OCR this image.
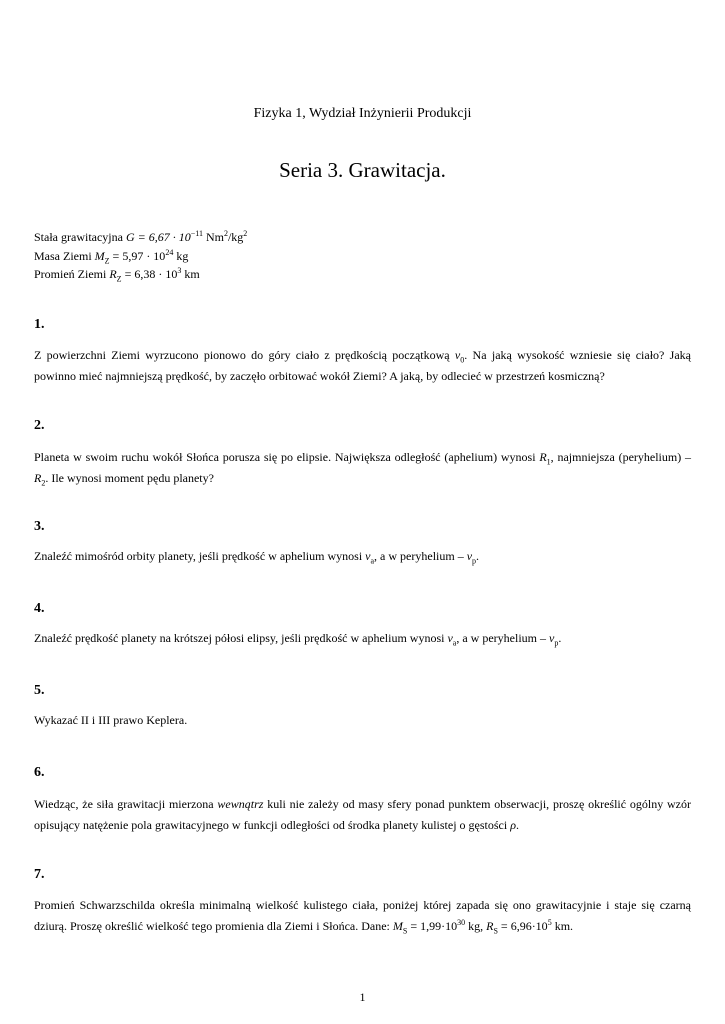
Fizyka 1, Wydział Inżynierii Produkcji
Seria 3. Grawitacja.
Stała grawitacyjna $G = 6,67 \cdot 10^{-11}$ $Nm^2/kg^2$
Masa Ziemi $M_Z = 5,97 \cdot 10^{24}$ kg
Promień Ziemi $R_Z = 6,38 \cdot 10^3$ km
1.
Z powierzchni Ziemi wyrzucono pionowo do góry ciało z prędkością początkową $v_0$. Na jaką wysokość wzniesie się ciało? Jaką powinno mieć najmniejszą prędkość, by zaczęło orbitować wokół Ziemi? A jaką, by odlecieć w przestrzeń kosmiczną?
2.
Planeta w swoim ruchu wokół Słońca porusza się po elipsie. Największa odległość (aphelium) wynosi $R_1$, najmniejsza (peryhelium) – $R_2$. Ile wynosi moment pędu planety?
3.
Znaleźć mimośród orbity planety, jeśli prędkość w aphelium wynosi $v_a$, a w peryhelium – $v_p$.
4.
Znaleźć prędkość planety na krótszej półosi elipsy, jeśli prędkość w aphelium wynosi $v_a$, a w peryhelium – $v_p$.
5.
Wykazać II i III prawo Keplera.
6.
Wiedząc, że siła grawitacji mierzona wewnątrz kuli nie zależy od masy sfery ponad punktem obserwacji, proszę określić ogólny wzór opisujący natężenie pola grawitacyjnego w funkcji odległości od środka planety kulistej o gęstości ρ.
7.
Promień Schwarzschilda określa minimalną wielkość kulistego ciała, poniżej której zapada się ono grawitacyjnie i staje się czarną dziurą. Proszę określić wielkość tego promienia dla Ziemi i Słońca. Dane: $M_S = 1,99\cdot 10^{30}$ kg, $R_S = 6,96\cdot 10^5$ km.
1
